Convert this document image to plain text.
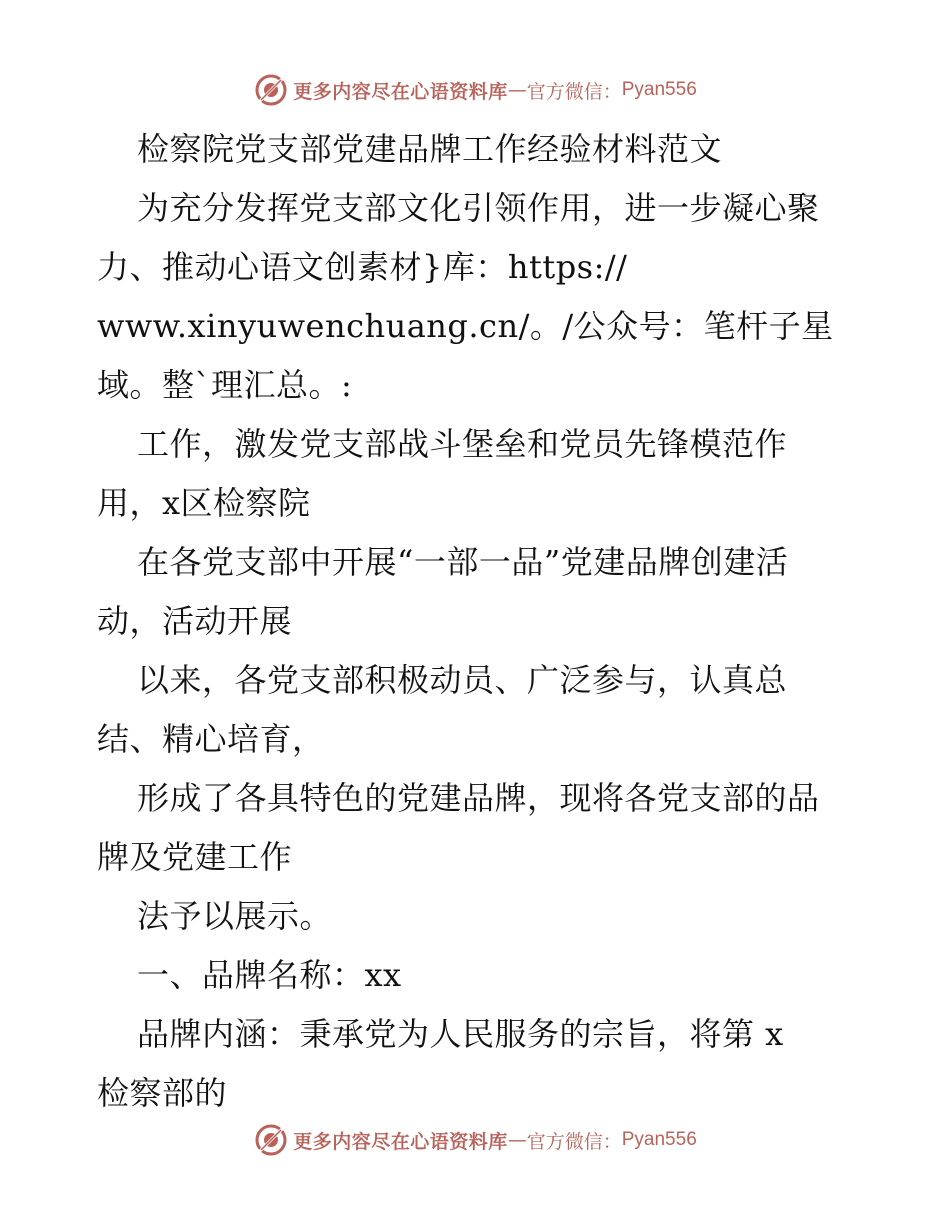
更多内容尽在心语资料库 — 官方微信： Pyan556
检察院党支部党建品牌工作经验材料范文
为充分发挥党支部文化引领作用，进一步凝心聚
力、推动心语文创素材}库：https://
www.xinyuwenchuang.cn/。/公众号：笔杆子星
域。整`理汇总。:
工作，激发党支部战斗堡垒和党员先锋模范作
用，x区检察院
在各党支部中开展“一部一品”党建品牌创建活
动，活动开展
以来，各党支部积极动员、广泛参与，认真总
结、精心培育，
形成了各具特色的党建品牌，现将各党支部的品
牌及党建工作
法予以展示。
一、品牌名称：xx
品牌内涵：秉承党为人民服务的宗旨，将第 x
检察部的
更多内容尽在心语资料库 — 官方微信： Pyan556
